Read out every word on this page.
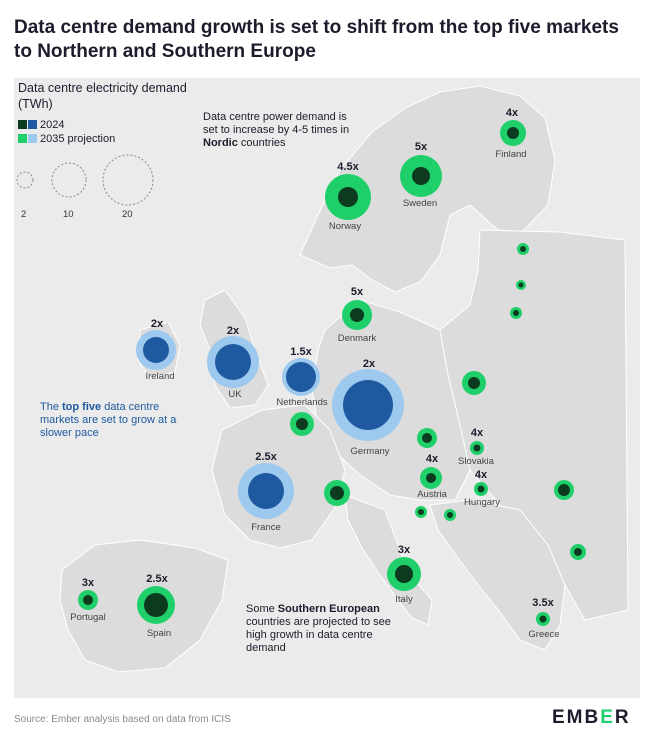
4.5x
5x
4x
5x
2x
2x
1.5x
2x
2.5x
4x
4x
4x
3x
2.5x
3x
3.5x
Norway
Sweden
Finland
Denmark
Ireland
UK
Netherlands
Germany
France
Slovakia
Austria
Hungary
Italy
Spain
Portugal
Greece
Data centre demand growth is set to shift from the top five markets to Northern and Southern Europe
Data centre electricity demand (TWh)
2024
2035 projection
2	10	20
Data centre power demand is set to increase by 4-5 times in Nordic countries
The top five data centre markets are set to grow at a slower pace
Some Southern European countries are projected to see high growth in data centre demand
Source: Ember analysis based on data from ICIS	EMBER
